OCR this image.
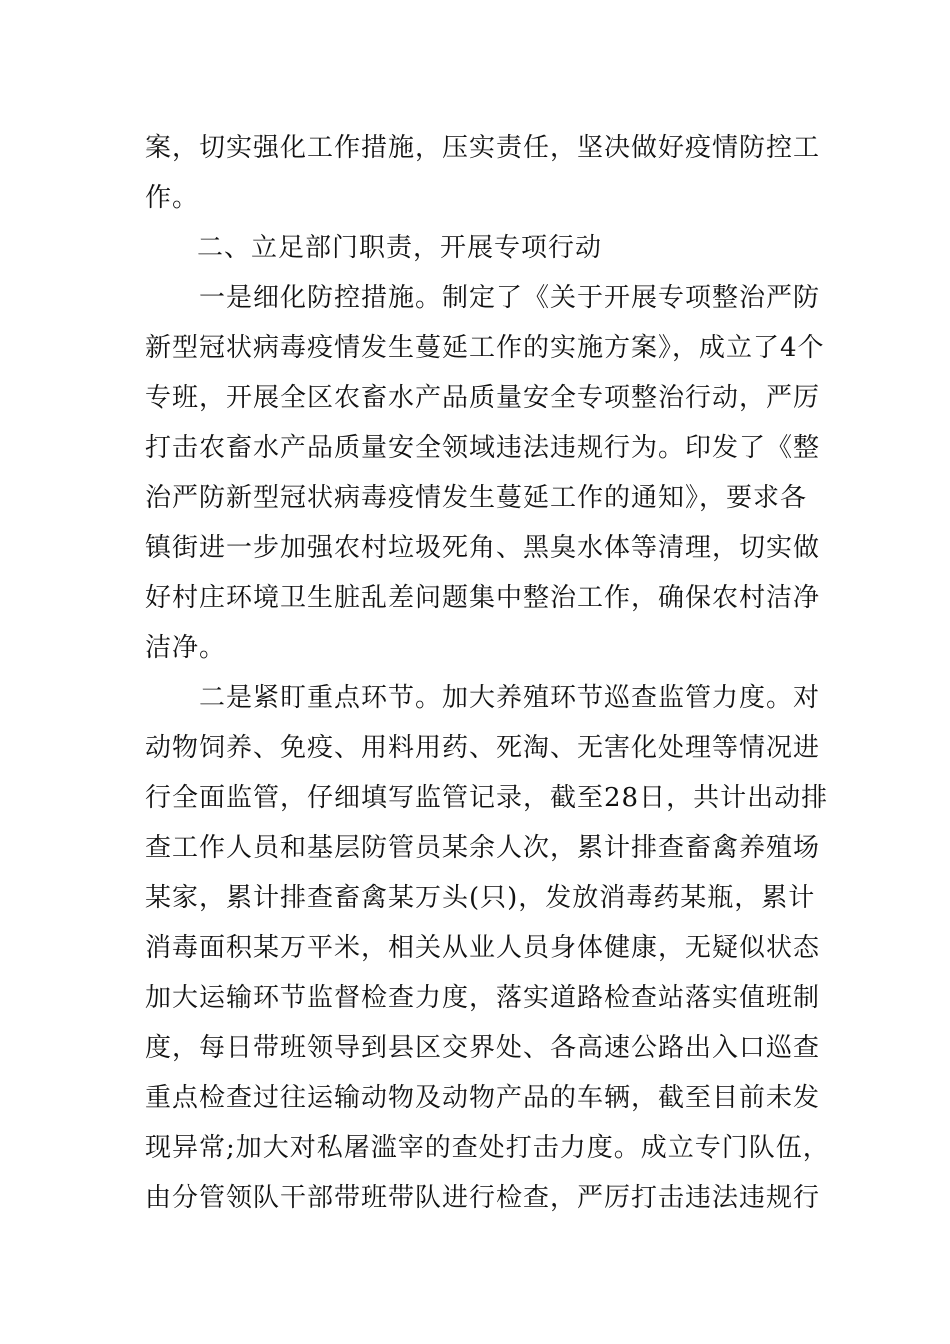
案，切实强化工作措施，压实责任，坚决做好疫情防控工
作。
二、立足部门职责，开展专项行动
一是细化防控措施。制定了《关于开展专项整治严防
新型冠状病毒疫情发生蔓延工作的实施方案》，成立了4个
专班，开展全区农畜水产品质量安全专项整治行动，严厉
打击农畜水产品质量安全领域违法违规行为。印发了《整
治严防新型冠状病毒疫情发生蔓延工作的通知》，要求各
镇街进一步加强农村垃圾死角、黑臭水体等清理，切实做
好村庄环境卫生脏乱差问题集中整治工作，确保农村洁净
洁净。
二是紧盯重点环节。加大养殖环节巡查监管力度。对
动物饲养、免疫、用料用药、死淘、无害化处理等情况进
行全面监管，仔细填写监管记录，截至28日，共计出动排
查工作人员和基层防管员某余人次，累计排查畜禽养殖场
某家，累计排查畜禽某万头(只)，发放消毒药某瓶，累计
消毒面积某万平米，相关从业人员身体健康，无疑似状态
加大运输环节监督检查力度，落实道路检查站落实值班制
度，每日带班领导到县区交界处、各高速公路出入口巡查
重点检查过往运输动物及动物产品的车辆，截至目前未发
现异常;加大对私屠滥宰的查处打击力度。成立专门队伍，
由分管领队干部带班带队进行检查，严厉打击违法违规行
